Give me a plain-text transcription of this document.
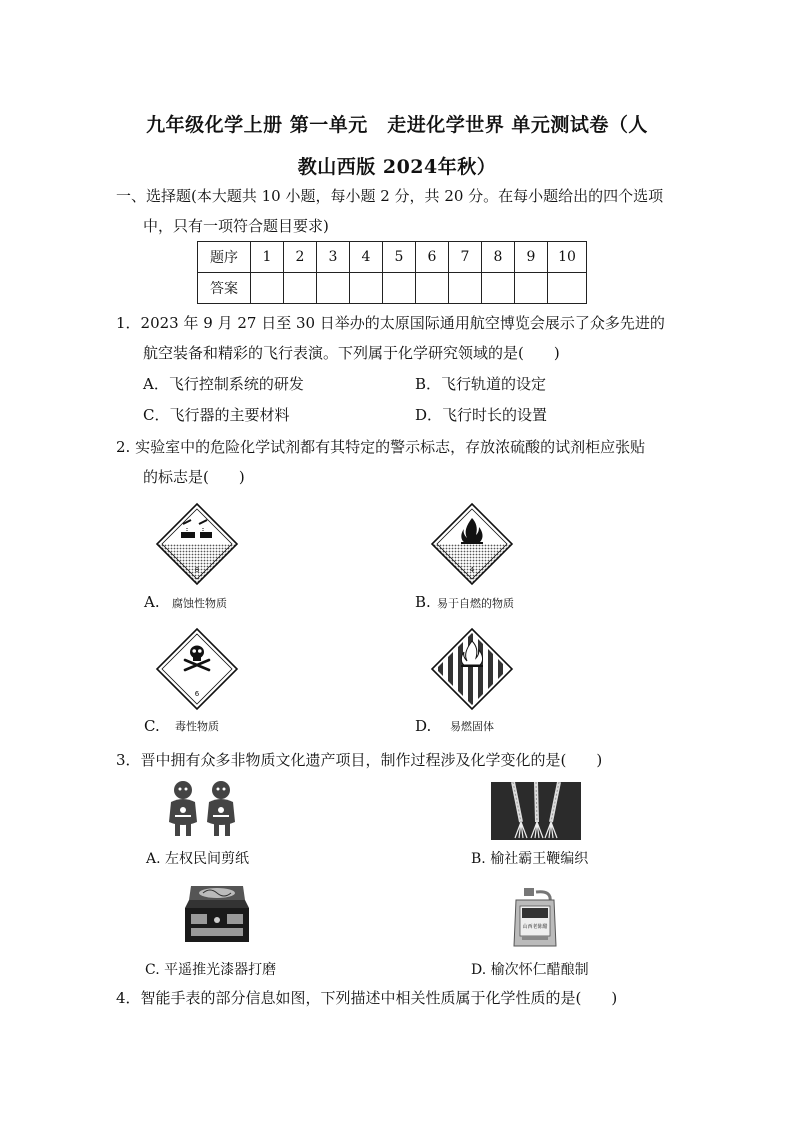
九年级化学上册 第一单元　走进化学世界 单元测试卷（人
教山西版 2024年秋）
一、选择题(本大题共 10 小题，每小题 2 分，共 20 分。在每小题给出的四个选项
中，只有一项符合题目要求)
题序	1	2	3	4	5	6	7	8	9	10
答案										
1．2023 年 9 月 27 日至 30 日举办的太原国际通用航空博览会展示了众多先进的
航空装备和精彩的飞行表演。下列属于化学研究领域的是(　　)
A．飞行控制系统的研发	B．飞行轨道的设定
C．飞行器的主要材料	D．飞行时长的设置
2. 实验室中的危险化学试剂都有其特定的警示标志，存放浓硫酸的试剂柜应张贴
的标志是(　　)
8
A. 腐蚀性物质
4
B. 易于自燃的物质
6
C. 毒性物质	D. 易燃固体
3．晋中拥有众多非物质文化遗产项目，制作过程涉及化学变化的是(　　)
A. 左权民间剪纸	B. 榆社霸王鞭编织
C. 平遥推光漆器打磨
山西老陈醋
D. 榆次怀仁醋酿制
4．智能手表的部分信息如图，下列描述中相关性质属于化学性质的是(　　)
